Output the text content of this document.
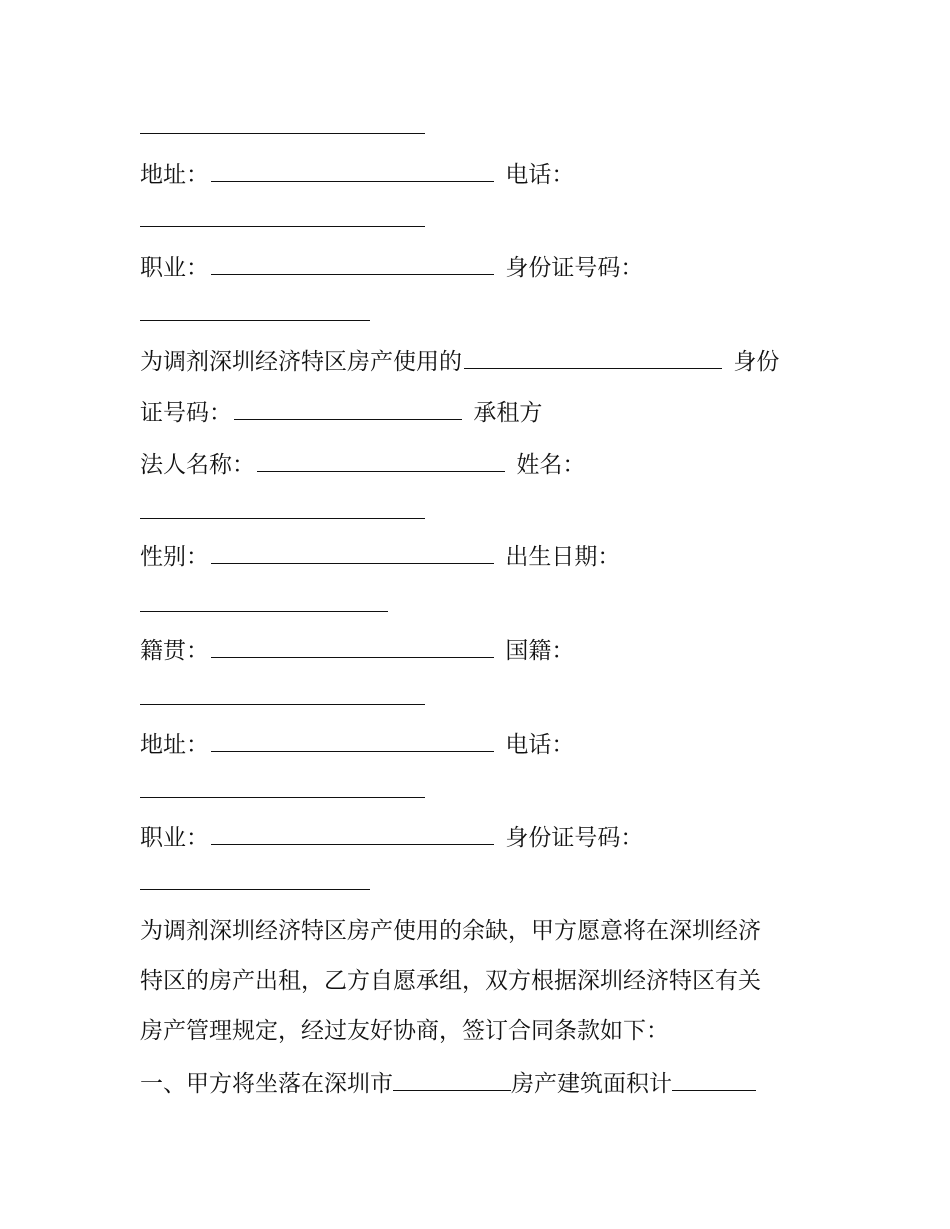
地址：	电话：
职业：	身份证号码：
为调剂深圳经济特区房产使用的	身份
证号码：	承租方
法人名称：	姓名：
性别：	出生日期：
籍贯：	国籍：
地址：	电话：
职业：	身份证号码：
为调剂深圳经济特区房产使用的余缺，甲方愿意将在深圳经济
特区的房产出租，乙方自愿承组，双方根据深圳经济特区有关
房产管理规定，经过友好协商，签订合同条款如下：
一、甲方将坐落在深圳市	房产建筑面积计
